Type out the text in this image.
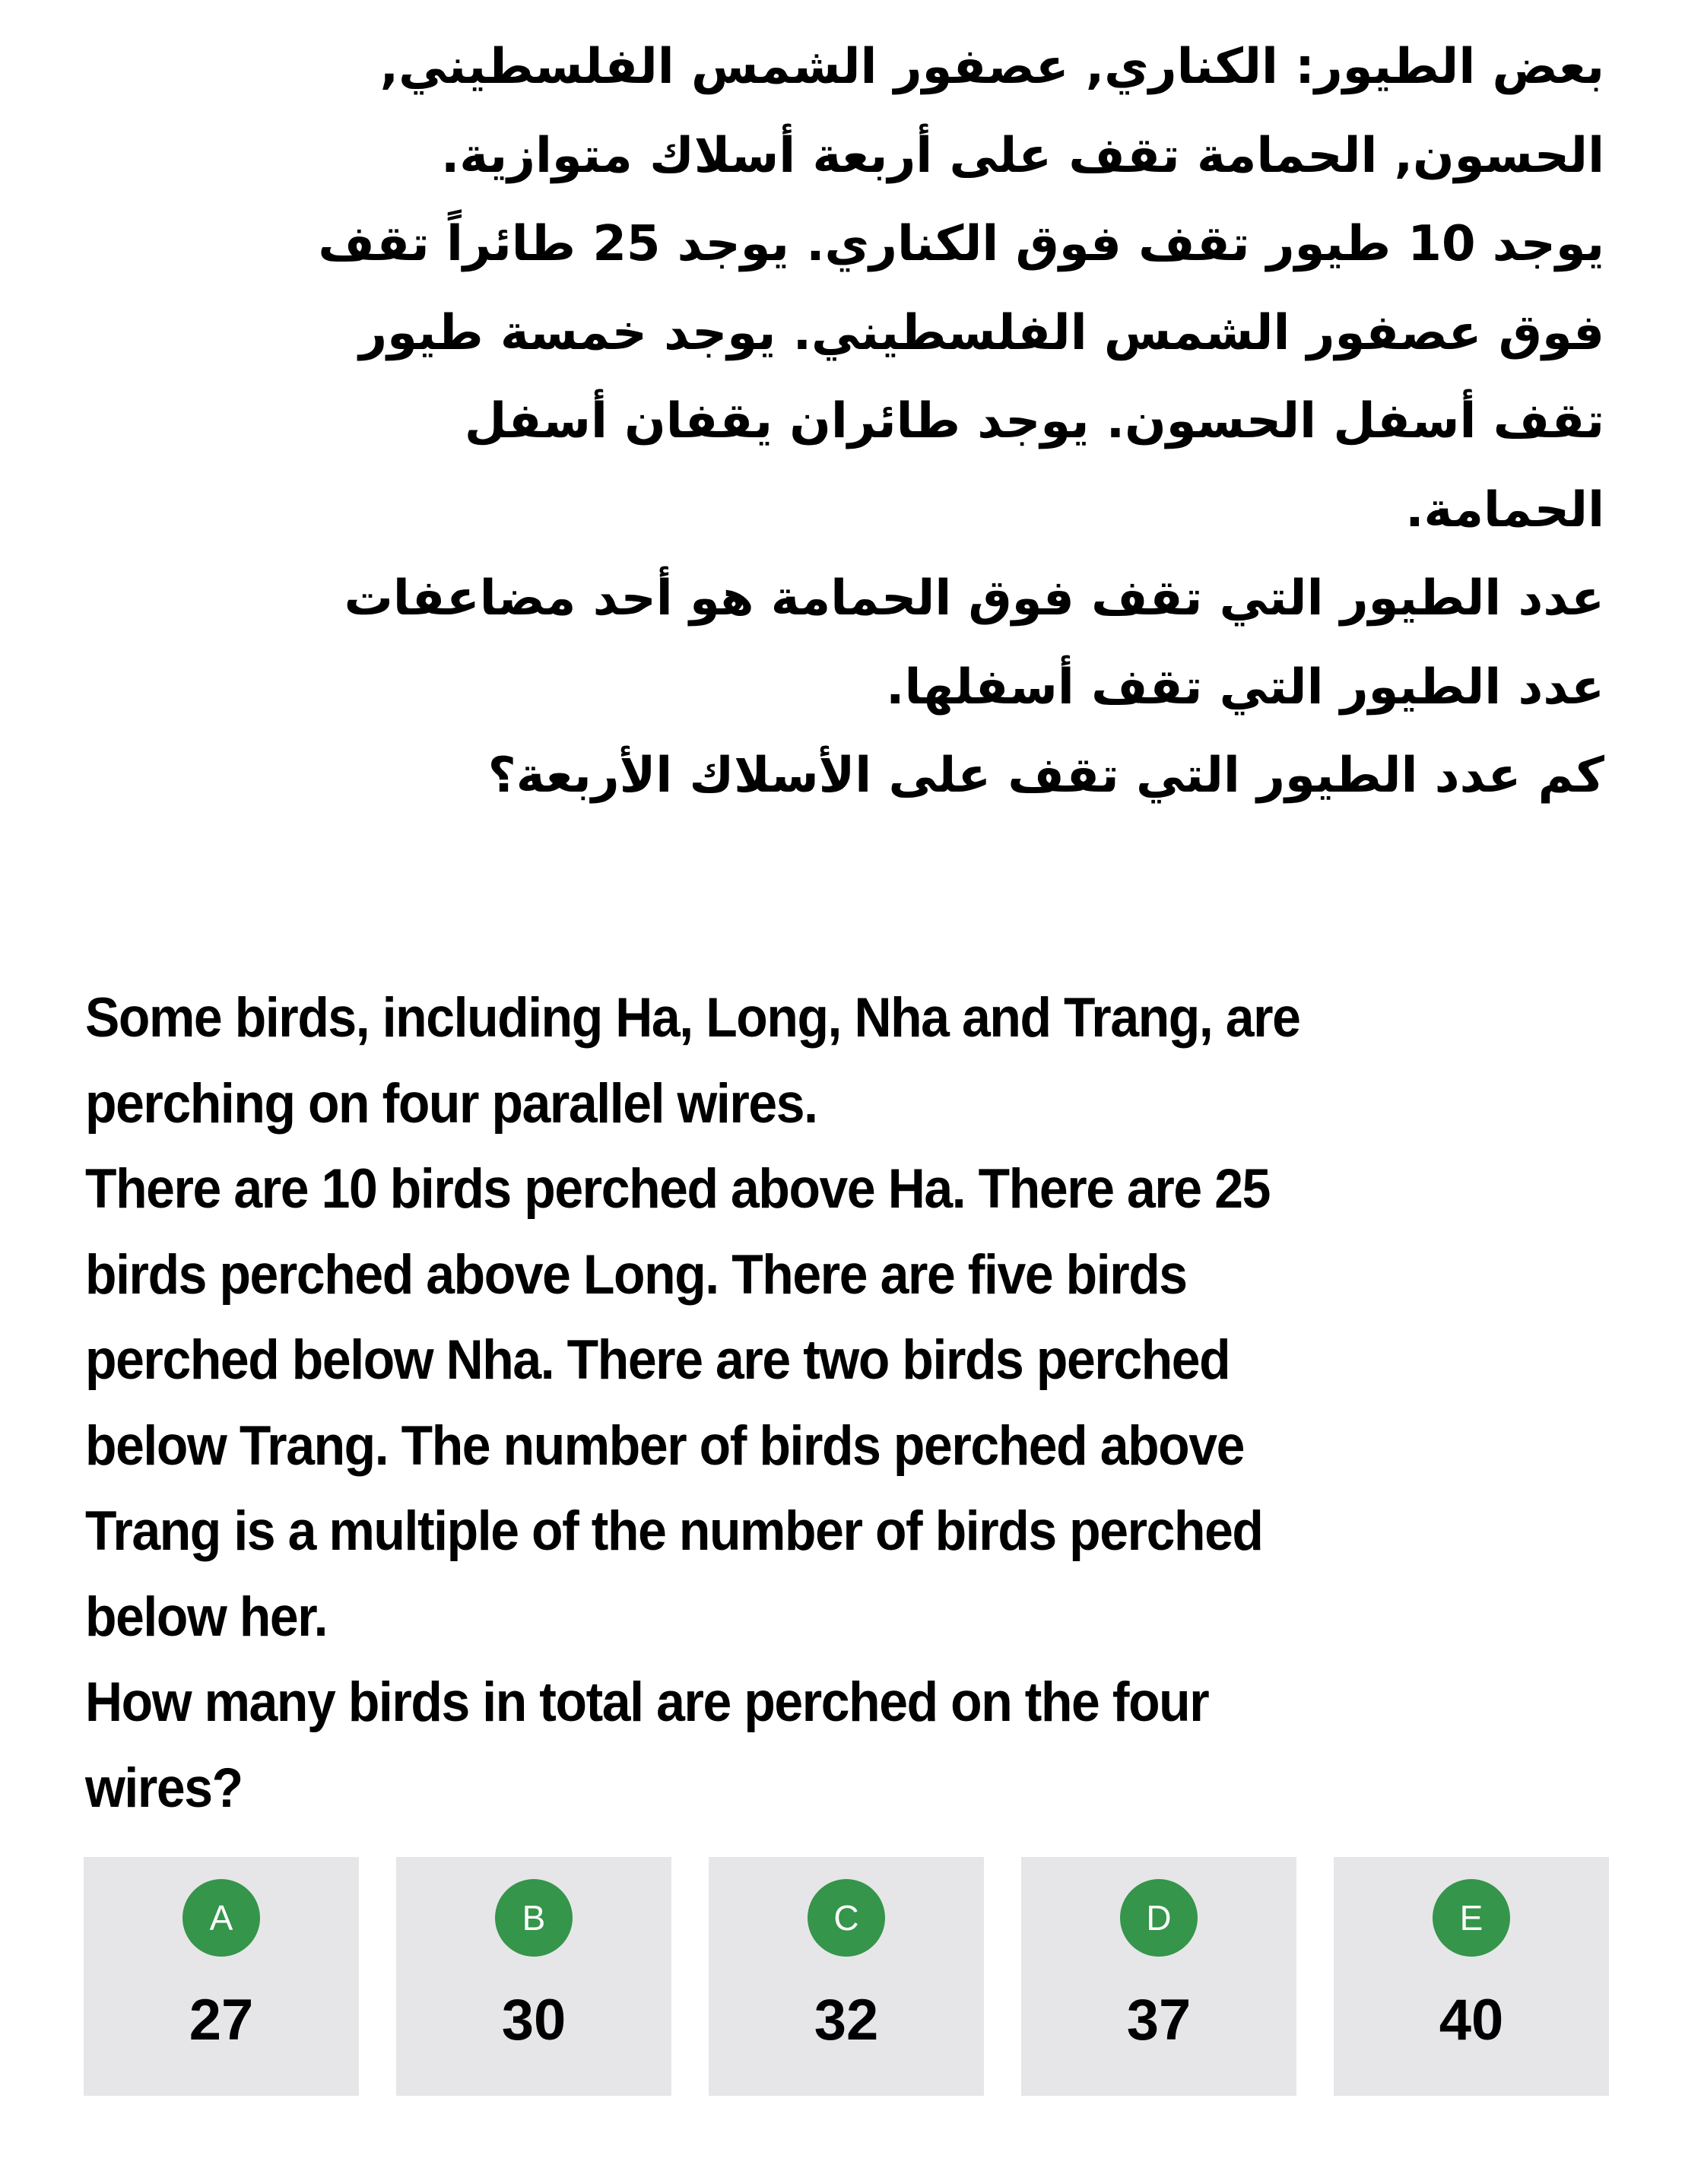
بعض الطيور: الكناري, عصفور الشمس الفلسطيني,
الحسون, الحمامة تقف على أربعة أسلاك متوازية.
يوجد 10 طيور تقف فوق الكناري. يوجد 25 طائراً تقف
فوق عصفور الشمس الفلسطيني. يوجد خمسة طيور
تقف أسفل الحسون. يوجد طائران يقفان أسفل
الحمامة.
عدد الطيور التي تقف فوق الحمامة هو أحد مضاعفات
عدد الطيور التي تقف أسفلها.
كم عدد الطيور التي تقف على الأسلاك الأربعة؟
Some birds, including Ha, Long, Nha and Trang, are
perching on four parallel wires.
There are 10 birds perched above Ha. There are 25
birds perched above Long. There are five birds
perched below Nha. There are two birds perched
below Trang. The number of birds perched above
Trang is a multiple of the number of birds perched
below her.
How many birds in total are perched on the four
wires?
A
27
B
30
C
32
D
37
E
40
